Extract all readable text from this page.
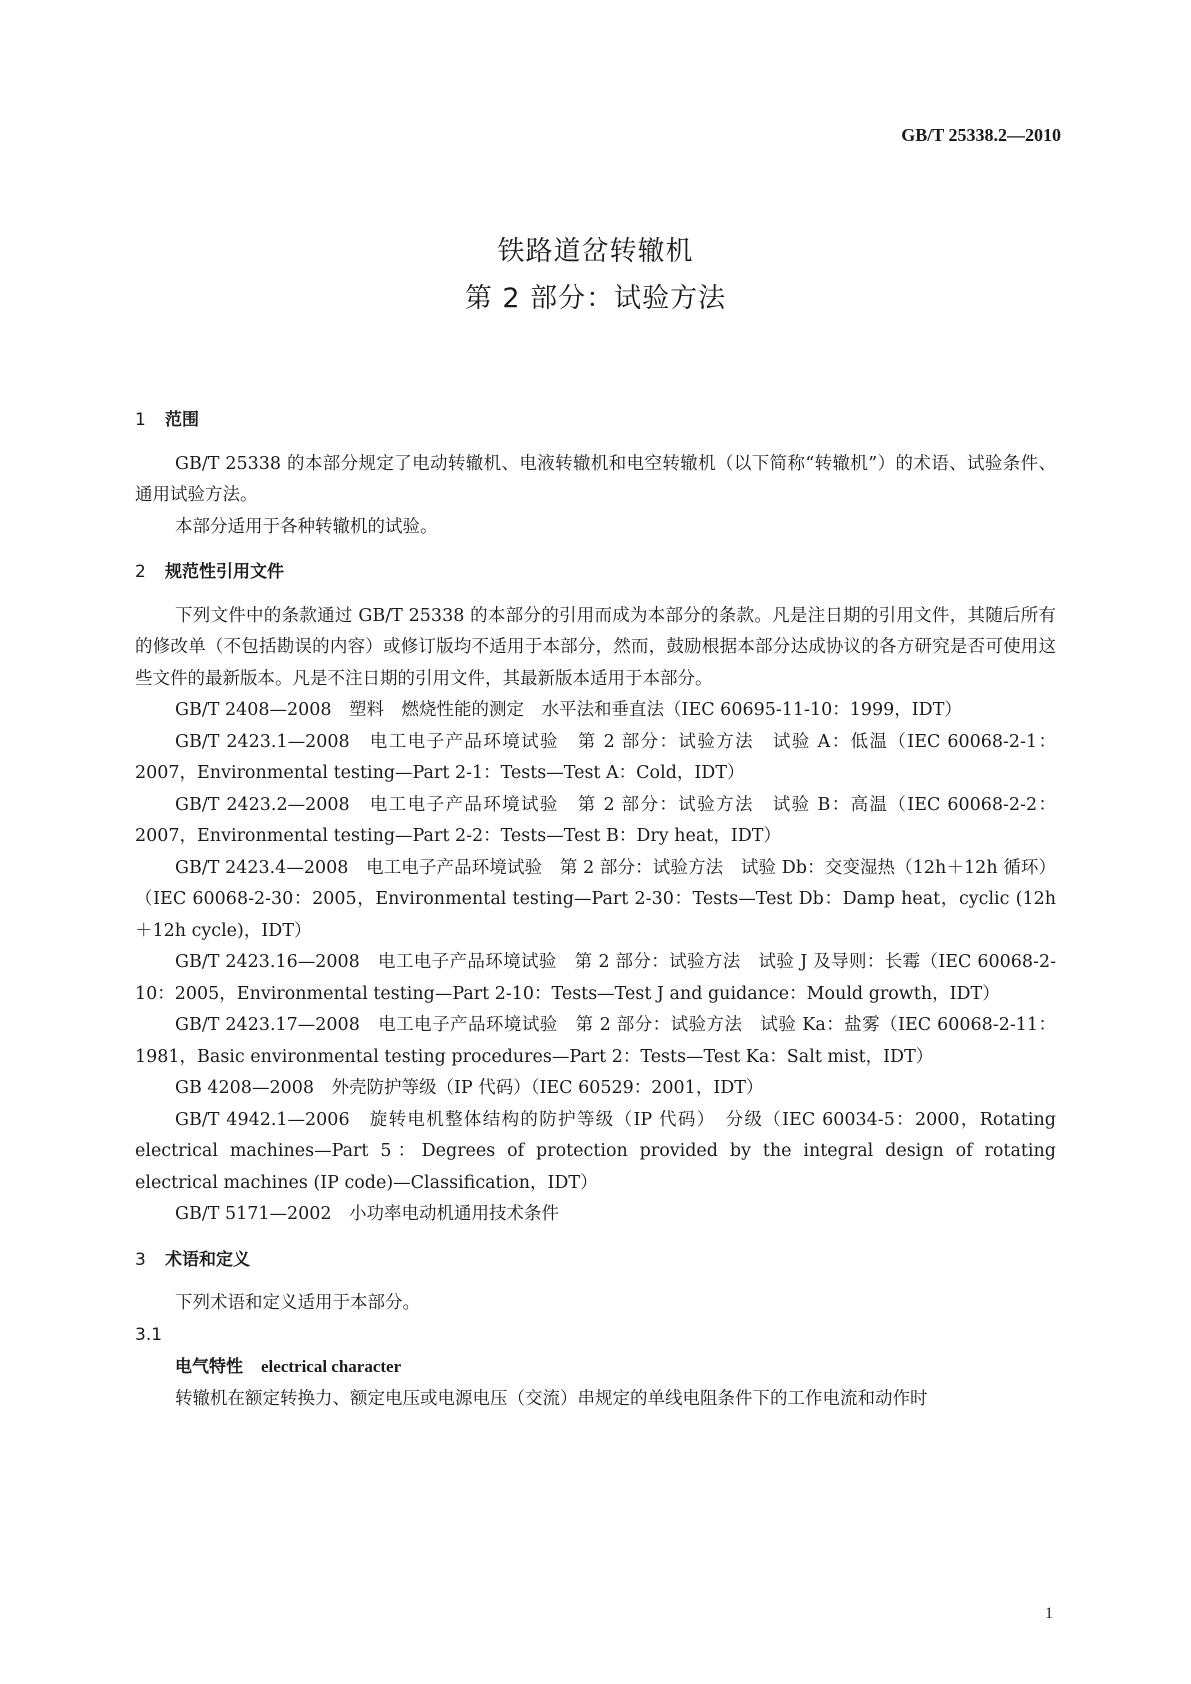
GB/T 25338.2—2010
铁路道岔转辙机
第 2 部分：试验方法
1 范围

GB/T 25338 的本部分规定了电动转辙机、电液转辙机和电空转辙机（以下简称“转辙机”）的术语、试验条件、通用试验方法。

本部分适用于各种转辙机的试验。

2 规范性引用文件

下列文件中的条款通过 GB/T 25338 的本部分的引用而成为本部分的条款。凡是注日期的引用文件，其随后所有的修改单（不包括勘误的内容）或修订版均不适用于本部分，然而，鼓励根据本部分达成协议的各方研究是否可使用这些文件的最新版本。凡是不注日期的引用文件，其最新版本适用于本部分。

GB/T 2408—2008　塑料　燃烧性能的测定　水平法和垂直法（IEC 60695-11-10：1999，IDT）

GB/T 2423.1—2008　电工电子产品环境试验　第 2 部分：试验方法　试验 A：低温（IEC 60068-2-1：2007，Environmental testing—Part 2-1：Tests—Test A：Cold，IDT）

GB/T 2423.2—2008　电工电子产品环境试验　第 2 部分：试验方法　试验 B：高温（IEC 60068-2-2：2007，Environmental testing—Part 2-2：Tests—Test B：Dry heat，IDT）

GB/T 2423.4—2008　电工电子产品环境试验　第 2 部分：试验方法　试验 Db：交变湿热（12h＋12h 循环）（IEC 60068-2-30：2005，Environmental testing—Part 2-30：Tests—Test Db：Damp heat，cyclic (12h＋12h cycle)，IDT）

GB/T 2423.16—2008　电工电子产品环境试验　第 2 部分：试验方法　试验 J 及导则：长霉（IEC 60068-2-10：2005，Environmental testing—Part 2-10：Tests—Test J and guidance：Mould growth，IDT）

GB/T 2423.17—2008　电工电子产品环境试验　第 2 部分：试验方法　试验 Ka：盐雾（IEC 60068-2-11：1981，Basic environmental testing procedures—Part 2：Tests—Test Ka：Salt mist，IDT）

GB 4208—2008　外壳防护等级（IP 代码）（IEC 60529：2001，IDT）

GB/T 4942.1—2006　旋转电机整体结构的防护等级（IP 代码）　分级（IEC 60034-5：2000，Rotating electrical machines—Part 5：Degrees of protection provided by the integral design of rotating electrical machines (IP code)—Classification，IDT）

GB/T 5171—2002　小功率电动机通用技术条件

3 术语和定义

下列术语和定义适用于本部分。

3.1

电气特性 electrical character

转辙机在额定转换力、额定电压或电源电压（交流）串规定的单线电阻条件下的工作电流和动作时

1
